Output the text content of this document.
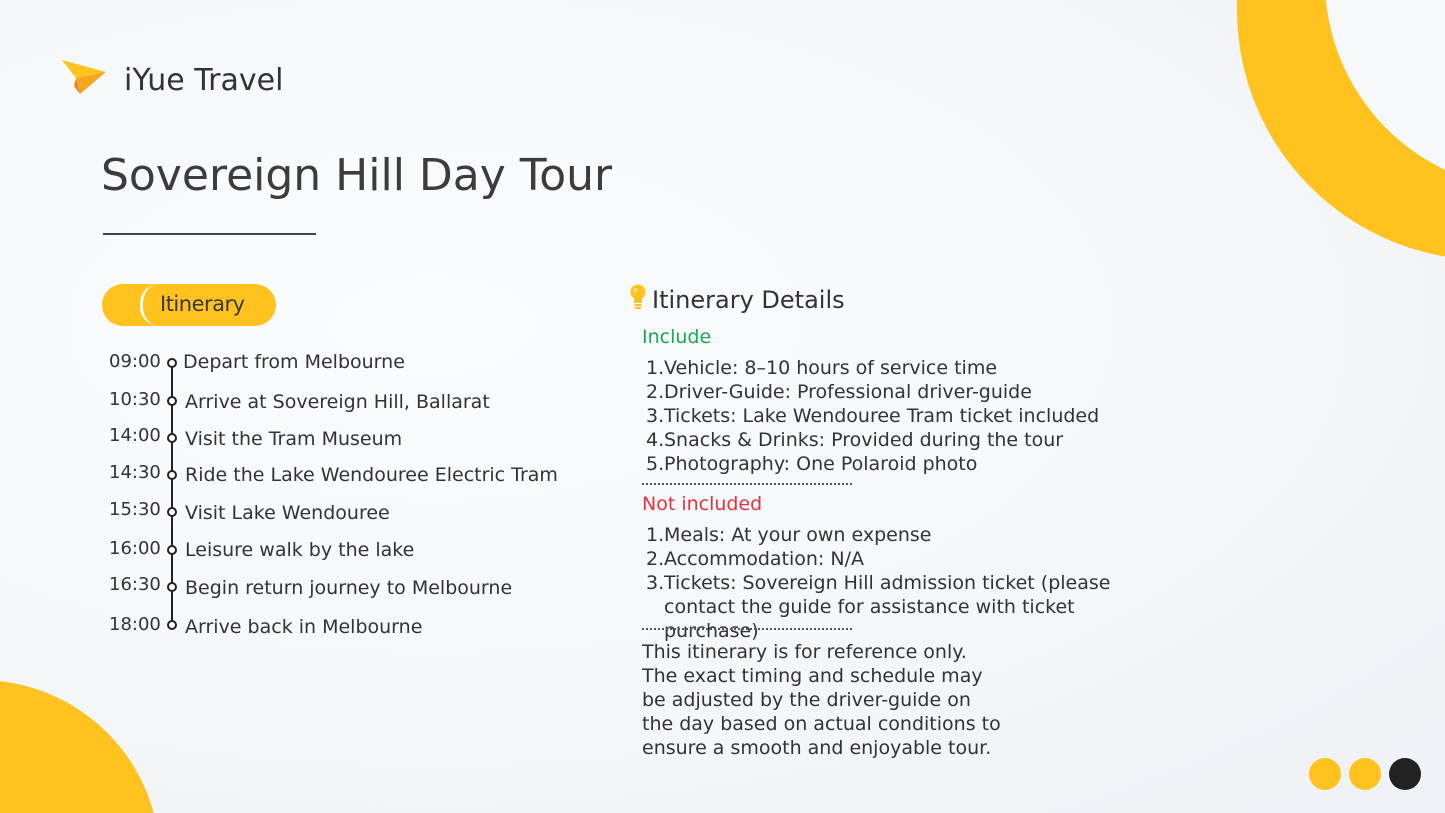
iYue Travel
Sovereign Hill Day Tour
Itinerary
09:00 Depart from Melbourne
10:30 Arrive at Sovereign Hill, Ballarat
14:00 Visit the Tram Museum
14:30 Ride the Lake Wendouree Electric Tram
15:30 Visit Lake Wendouree
16:00 Leisure walk by the lake
16:30 Begin return journey to Melbourne
18:00 Arrive back in Melbourne
Itinerary Details
Include
1. Vehicle: 8–10 hours of service time
2. Driver-Guide: Professional driver-guide
3. Tickets: Lake Wendouree Tram ticket included
4. Snacks & Drinks: Provided during the tour
5. Photography: One Polaroid photo
Not included
1. Meals: At your own expense
2. Accommodation: N/A
3. Tickets: Sovereign Hill admission ticket (please contact the guide for assistance with ticket purchase)
This itinerary is for reference only. The exact timing and schedule may be adjusted by the driver-guide on the day based on actual conditions to ensure a smooth and enjoyable tour.
